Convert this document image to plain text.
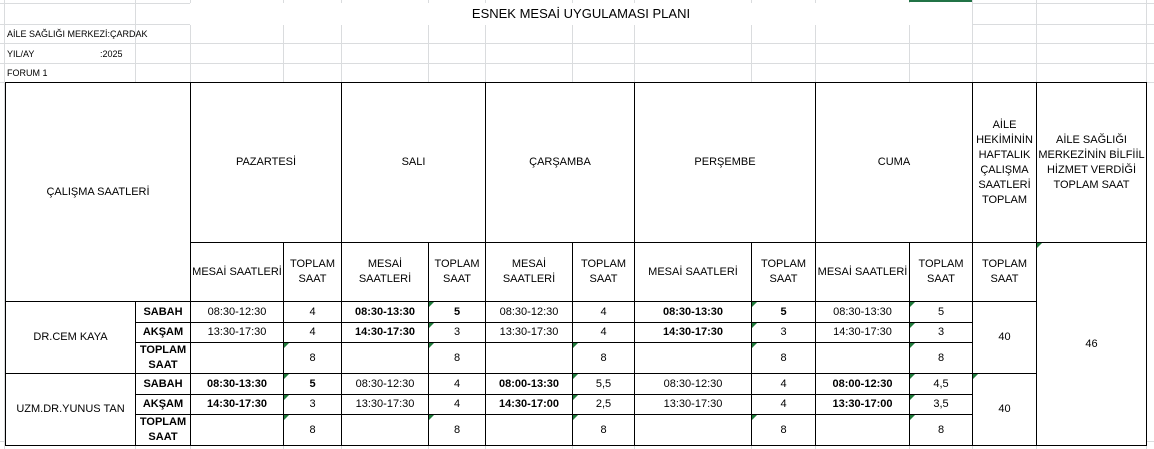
ESNEK MESAİ UYGULAMASI PLANI
AİLE SAĞLIĞI MERKEZİ:ÇARDAK
YIL/AY	:2025
FORUM 1
ÇALIŞMA SAATLERİ		PAZARTESİ		SALI		ÇARŞAMBA		PERŞEMBE		CUMA		AİLE HEKİMİNİN HAFTALIK ÇALIŞMA SAATLERİ TOPLAM	AİLE SAĞLIĞI MERKEZİNİN BİLFİİL HİZMET VERDİĞİ TOPLAM SAAT
		MESAİ SAATLERİ	TOPLAM SAAT	MESAİ SAATLERİ	TOPLAM SAAT	MESAİ SAATLERİ	TOPLAM SAAT	MESAİ SAATLERİ	TOPLAM SAAT	MESAİ SAATLERİ	TOPLAM SAAT	TOPLAM SAAT	46
DR.CEM KAYA	SABAH	08:30-12:30	4	08:30-13:30	5	08:30-12:30	4	08:30-13:30	5	08:30-13:30	5	40	
	AKŞAM	13:30-17:30	4	14:30-17:30	3	13:30-17:30	4	14:30-17:30	3	14:30-17:30	3		
	TOPLAM SAAT		8		8		8		8		8		
UZM.DR.YUNUS TAN	SABAH	08:30-13:30	5	08:30-12:30	4	08:00-13:30	5,5	08:30-12:30	4	08:00-12:30	4,5	40	
	AKŞAM	14:30-17:30	3	13:30-17:30	4	14:30-17:00	2,5	13:30-17:30	4	13:30-17:00	3,5		
	TOPLAM SAAT		8		8		8		8		8		
